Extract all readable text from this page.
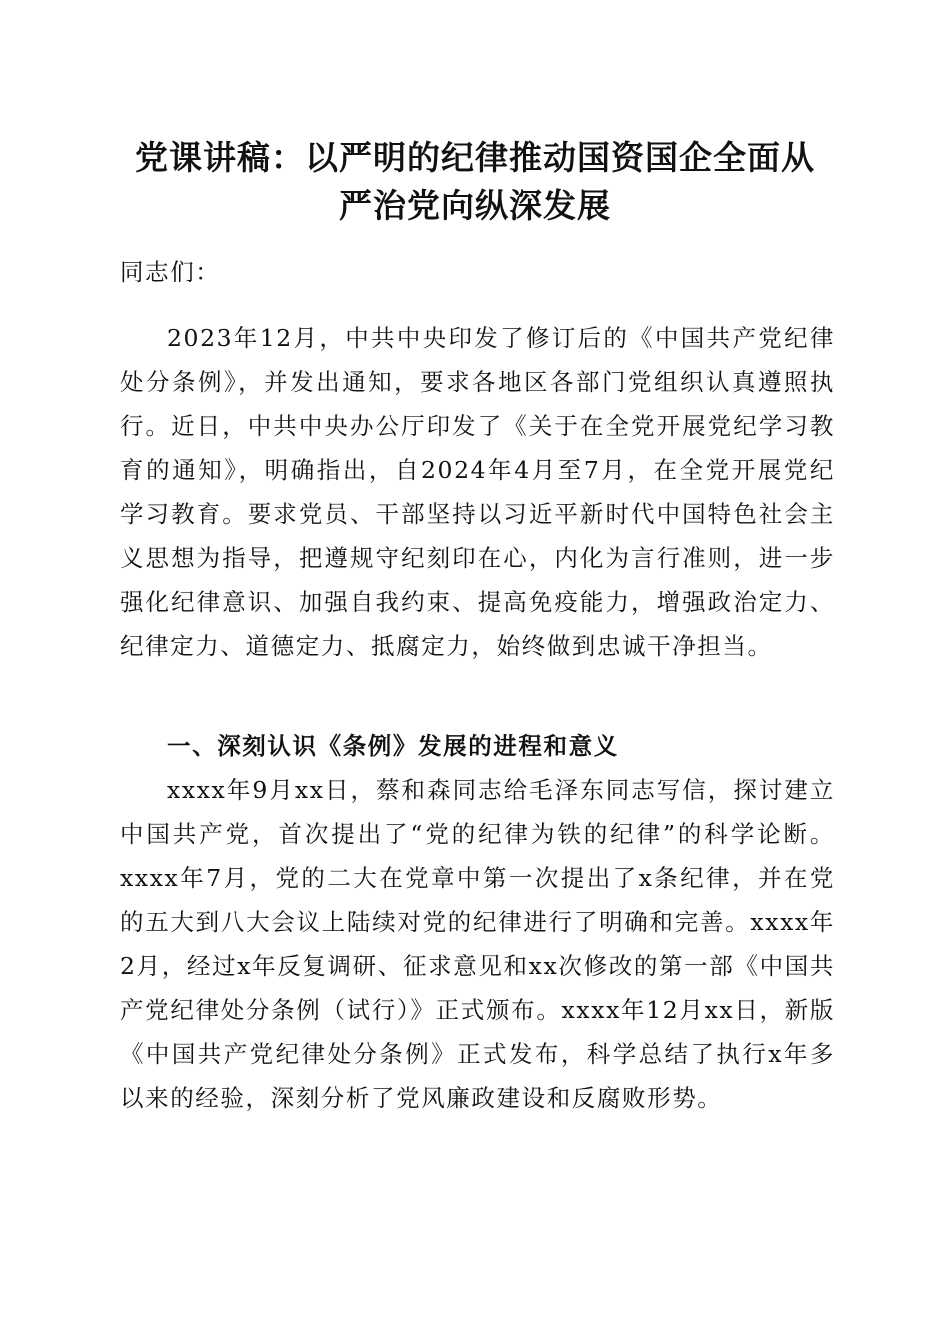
党课讲稿：以严明的纪律推动国资国企全面从
严治党向纵深发展

同志们：

2023年12月，中共中央印发了修订后的《中国共产党纪律处分条例》，并发出通知，要求各地区各部门党组织认真遵照执行。近日，中共中央办公厅印发了《关于在全党开展党纪学习教育的通知》，明确指出，自2024年4月至7月，在全党开展党纪学习教育。要求党员、干部坚持以习近平新时代中国特色社会主义思想为指导，把遵规守纪刻印在心，内化为言行准则，进一步强化纪律意识、加强自我约束、提高免疫能力，增强政治定力、纪律定力、道德定力、抵腐定力，始终做到忠诚干净担当。

一、深刻认识《条例》发展的进程和意义

xxxx年9月xx日，蔡和森同志给毛泽东同志写信，探讨建立中国共产党，首次提出了“党的纪律为铁的纪律”的科学论断。xxxx年7月，党的二大在党章中第一次提出了x条纪律，并在党的五大到八大会议上陆续对党的纪律进行了明确和完善。xxxx年2月，经过x年反复调研、征求意见和xx次修改的第一部《中国共产党纪律处分条例（试行）》正式颁布。xxxx年12月xx日，新版《中国共产党纪律处分条例》正式发布，科学总结了执行x年多以来的经验，深刻分析了党风廉政建设和反腐败形势。
